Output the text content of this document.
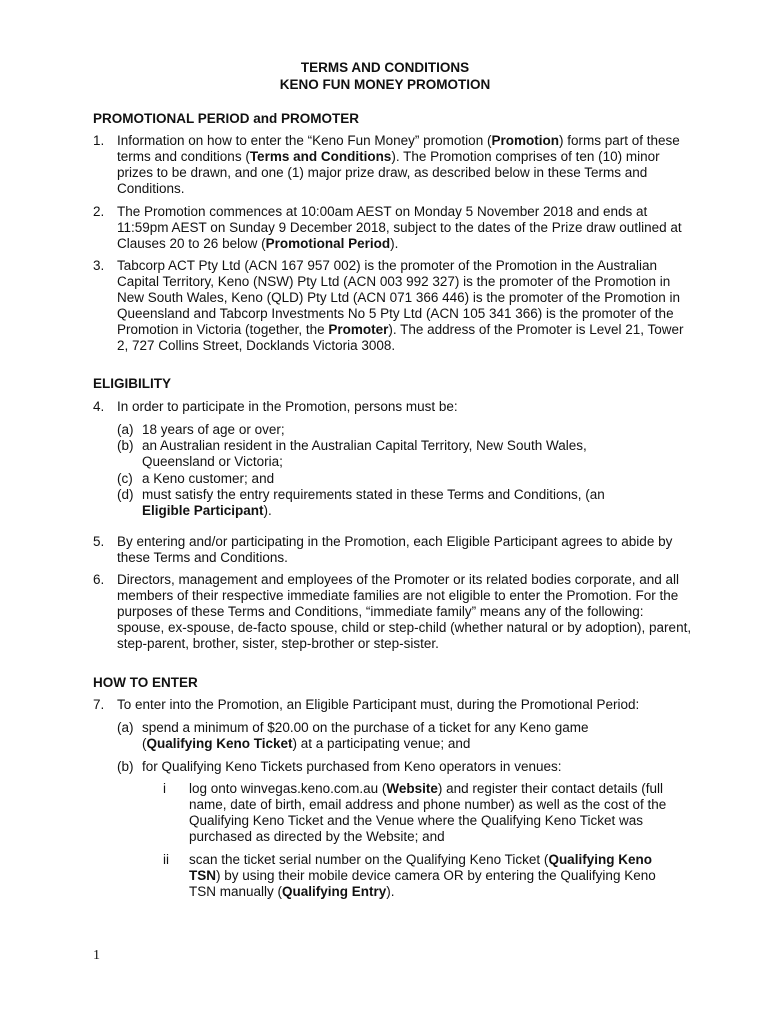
TERMS AND CONDITIONS
KENO FUN MONEY PROMOTION
PROMOTIONAL PERIOD and PROMOTER
1. Information on how to enter the “Keno Fun Money” promotion (Promotion) forms part of these terms and conditions (Terms and Conditions). The Promotion comprises of ten (10) minor prizes to be drawn, and one (1) major prize draw, as described below in these Terms and Conditions.
2. The Promotion commences at 10:00am AEST on Monday 5 November 2018 and ends at 11:59pm AEST on Sunday 9 December 2018, subject to the dates of the Prize draw outlined at Clauses 20 to 26 below (Promotional Period).
3. Tabcorp ACT Pty Ltd (ACN 167 957 002) is the promoter of the Promotion in the Australian Capital Territory, Keno (NSW) Pty Ltd (ACN 003 992 327) is the promoter of the Promotion in New South Wales, Keno (QLD) Pty Ltd (ACN 071 366 446) is the promoter of the Promotion in Queensland and Tabcorp Investments No 5 Pty Ltd (ACN 105 341 366) is the promoter of the Promotion in Victoria (together, the Promoter). The address of the Promoter is Level 21, Tower 2, 727 Collins Street, Docklands Victoria 3008.
ELIGIBILITY
4. In order to participate in the Promotion, persons must be:
(a) 18 years of age or over;
(b) an Australian resident in the Australian Capital Territory, New South Wales, Queensland or Victoria;
(c) a Keno customer; and
(d) must satisfy the entry requirements stated in these Terms and Conditions, (an Eligible Participant).
5. By entering and/or participating in the Promotion, each Eligible Participant agrees to abide by these Terms and Conditions.
6. Directors, management and employees of the Promoter or its related bodies corporate, and all members of their respective immediate families are not eligible to enter the Promotion. For the purposes of these Terms and Conditions, “immediate family” means any of the following: spouse, ex-spouse, de-facto spouse, child or step-child (whether natural or by adoption), parent, step-parent, brother, sister, step-brother or step-sister.
HOW TO ENTER
7. To enter into the Promotion, an Eligible Participant must, during the Promotional Period:
(a) spend a minimum of $20.00 on the purchase of a ticket for any Keno game (Qualifying Keno Ticket) at a participating venue; and
(b) for Qualifying Keno Tickets purchased from Keno operators in venues:
i log onto winvegas.keno.com.au (Website) and register their contact details (full name, date of birth, email address and phone number) as well as the cost of the Qualifying Keno Ticket and the Venue where the Qualifying Keno Ticket was purchased as directed by the Website; and
ii scan the ticket serial number on the Qualifying Keno Ticket (Qualifying Keno TSN) by using their mobile device camera OR by entering the Qualifying Keno TSN manually (Qualifying Entry).
1
